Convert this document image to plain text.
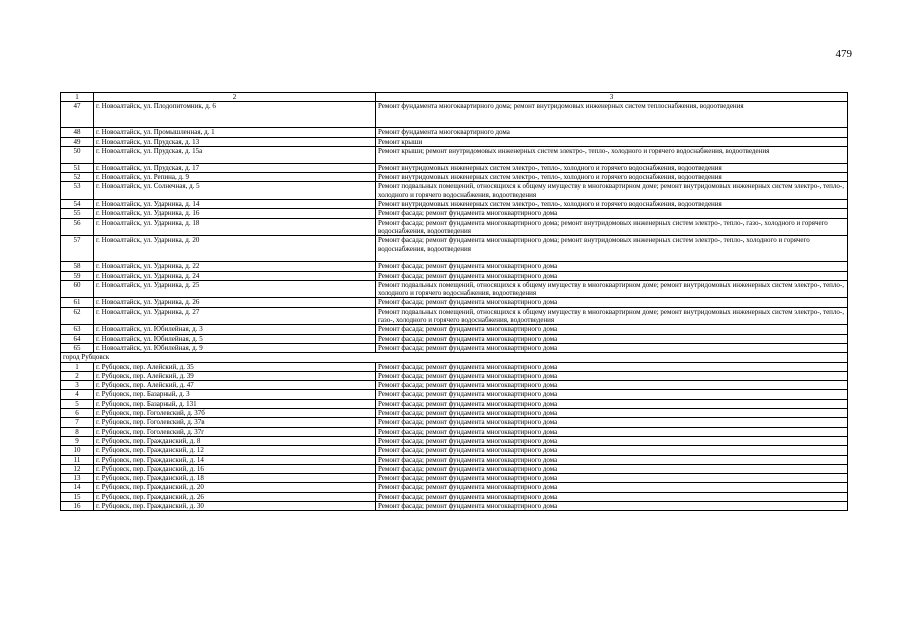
479
1	2	3
47	г. Новоалтайск, ул. Плодопитомник, д. 6	Ремонт фундамента многоквартирного дома; ремонт внутридомовых инженерных систем теплоснабжения, водоотведения
48	г. Новоалтайск, ул. Промышленная, д. 1	Ремонт фундамента многоквартирного дома
49	г. Новоалтайск, ул. Прудская, д. 13	Ремонт крыши
50	г. Новоалтайск, ул. Прудская, д. 15а	Ремонт крыши; ремонт внутридомовых инженерных систем электро-, тепло-, холодного и горячего водоснабжения, водоотведения
51	г. Новоалтайск, ул. Прудская, д. 17	Ремонт внутридомовых инженерных систем электро-, тепло-, холодного и горячего водоснабжения, водоотведения
52	г. Новоалтайск, ул. Репина, д. 9	Ремонт внутридомовых инженерных систем электро-, тепло-, холодного и горячего водоснабжения, водоотведения
53	г. Новоалтайск, ул. Солнечная, д. 5	Ремонт подвальных помещений, относящихся к общему имуществу в многоквартирном доме; ремонт внутридомовых инженерных систем электро-, тепло-, холодного и горячего водоснабжения, водоотведения
54	г. Новоалтайск, ул. Ударника, д. 14	Ремонт внутридомовых инженерных систем электро-, тепло-, холодного и горячего водоснабжения, водоотведения
55	г. Новоалтайск, ул. Ударника, д. 16	Ремонт фасада; ремонт фундамента многоквартирного дома
56	г. Новоалтайск, ул. Ударника, д. 18	Ремонт фасада; ремонт фундамента многоквартирного дома; ремонт внутридомовых инженерных систем электро-, тепло-, газо-, холодного и горячего водоснабжения, водоотведения
57	г. Новоалтайск, ул. Ударника, д. 20	Ремонт фасада; ремонт фундамента многоквартирного дома; ремонт внутридомовых инженерных систем электро-, тепло-, холодного и горячего водоснабжения, водоотведения
58	г. Новоалтайск, ул. Ударника, д. 22	Ремонт фасада; ремонт фундамента многоквартирного дома
59	г. Новоалтайск, ул. Ударника, д. 24	Ремонт фасада; ремонт фундамента многоквартирного дома
60	г. Новоалтайск, ул. Ударника, д. 25	Ремонт подвальных помещений, относящихся к общему имуществу в многоквартирном доме; ремонт внутридомовых инженерных систем электро-, тепло-, холодного и горячего водоснабжения, водоотведения
61	г. Новоалтайск, ул. Ударника, д. 26	Ремонт фасада; ремонт фундамента многоквартирного дома
62	г. Новоалтайск, ул. Ударника, д. 27	Ремонт подвальных помещений, относящихся к общему имуществу в многоквартирном доме; ремонт внутридомовых инженерных систем электро-, тепло-, газо-, холодного и горячего водоснабжения, водоотведения
63	г. Новоалтайск, ул. Юбилейная, д. 3	Ремонт фасада; ремонт фундамента многоквартирного дома
64	г. Новоалтайск, ул. Юбилейная, д. 5	Ремонт фасада; ремонт фундамента многоквартирного дома
65	г. Новоалтайск, ул. Юбилейная, д. 9	Ремонт фасада; ремонт фундамента многоквартирного дома
город Рубцовск		
1	г. Рубцовск, пер. Алейский, д. 35	Ремонт фасада; ремонт фундамента многоквартирного дома
2	г. Рубцовск, пер. Алейский, д. 39	Ремонт фасада; ремонт фундамента многоквартирного дома
3	г. Рубцовск, пер. Алейский, д. 47	Ремонт фасада; ремонт фундамента многоквартирного дома
4	г. Рубцовск, пер. Базарный, д. 3	Ремонт фасада; ремонт фундамента многоквартирного дома
5	г. Рубцовск, пер. Базарный, д. 131	Ремонт фасада; ремонт фундамента многоквартирного дома
6	г. Рубцовск, пер. Гоголевский, д. 37б	Ремонт фасада; ремонт фундамента многоквартирного дома
7	г. Рубцовск, пер. Гоголевский, д. 37в	Ремонт фасада; ремонт фундамента многоквартирного дома
8	г. Рубцовск, пер. Гоголевский, д. 37г	Ремонт фасада; ремонт фундамента многоквартирного дома
9	г. Рубцовск, пер. Гражданский, д. 8	Ремонт фасада; ремонт фундамента многоквартирного дома
10	г. Рубцовск, пер. Гражданский, д. 12	Ремонт фасада; ремонт фундамента многоквартирного дома
11	г. Рубцовск, пер. Гражданский, д. 14	Ремонт фасада; ремонт фундамента многоквартирного дома
12	г. Рубцовск, пер. Гражданский, д. 16	Ремонт фасада; ремонт фундамента многоквартирного дома
13	г. Рубцовск, пер. Гражданский, д. 18	Ремонт фасада; ремонт фундамента многоквартирного дома
14	г. Рубцовск, пер. Гражданский, д. 20	Ремонт фасада; ремонт фундамента многоквартирного дома
15	г. Рубцовск, пер. Гражданский, д. 26	Ремонт фасада; ремонт фундамента многоквартирного дома
16	г. Рубцовск, пер. Гражданский, д. 30	Ремонт фасада; ремонт фундамента многоквартирного дома
